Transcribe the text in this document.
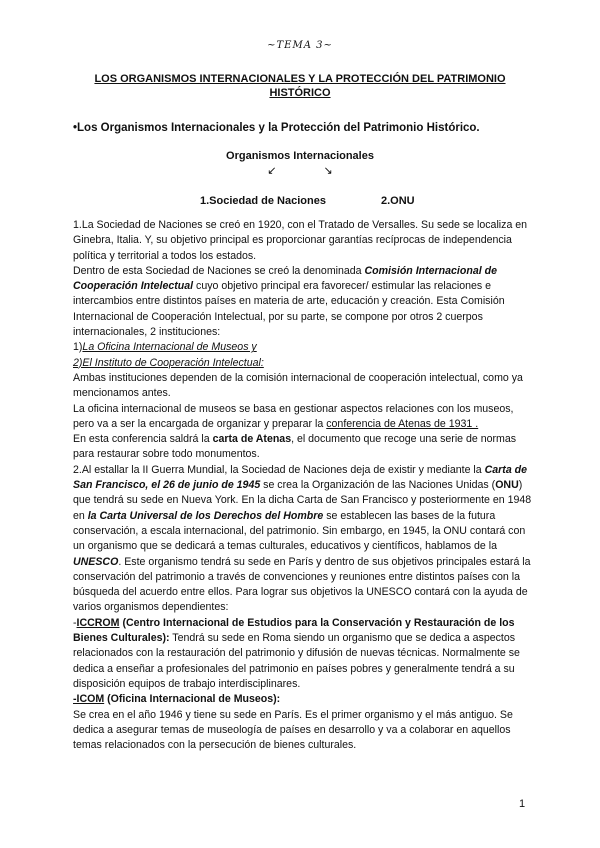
~TEMA 3~
LOS ORGANISMOS INTERNACIONALES Y LA PROTECCIÓN DEL PATRIMONIO HISTÓRICO
•Los Organismos Internacionales y la Protección del Patrimonio Histórico.
Organismos Internacionales
↙	↘
1.Sociedad de Naciones	2.ONU

1.La Sociedad de Naciones se creó en 1920, con el Tratado de Versalles. Su sede se localiza en Ginebra, Italia. Y, su objetivo principal es proporcionar garantías recíprocas de independencia política y territorial a todos los estados.

Dentro de esta Sociedad de Naciones se creó la denominada Comisión Internacional de Cooperación Intelectual cuyo objetivo principal era favorecer/ estimular las relaciones e intercambios entre distintos países en materia de arte, educación y creación. Esta Comisión Internacional de Cooperación Intelectual, por su parte, se compone por otros 2 cuerpos internacionales, 2 instituciones:

1)La Oficina Internacional de Museos y

2)El Instituto de Cooperación Intelectual:

Ambas instituciones dependen de la comisión internacional de cooperación intelectual, como ya mencionamos antes.

La oficina internacional de museos se basa en gestionar aspectos relaciones con los museos, pero va a ser la encargada de organizar y preparar la conferencia de Atenas de 1931 .

En esta conferencia saldrá la carta de Atenas, el documento que recoge una serie de normas para restaurar sobre todo monumentos.

2.Al estallar la II Guerra Mundial, la Sociedad de Naciones deja de existir y mediante la Carta de San Francisco, el 26 de junio de 1945 se crea la Organización de las Naciones Unidas (ONU) que tendrá su sede en Nueva York. En la dicha Carta de San Francisco y posteriormente en 1948 en la Carta Universal de los Derechos del Hombre se establecen las bases de la futura conservación, a escala internacional, del patrimonio. Sin embargo, en 1945, la ONU contará con un organismo que se dedicará a temas culturales, educativos y científicos, hablamos de la UNESCO. Este organismo tendrá su sede en París y dentro de sus objetivos principales estará la conservación del patrimonio a través de convenciones y reuniones entre distintos países con la búsqueda del acuerdo entre ellos. Para lograr sus objetivos la UNESCO contará con la ayuda de varios organismos dependientes:

-ICCROM (Centro Internacional de Estudios para la Conservación y Restauración de los Bienes Culturales): Tendrá su sede en Roma siendo un organismo que se dedica a aspectos relacionados con la restauración del patrimonio y difusión de nuevas técnicas. Normalmente se dedica a enseñar a profesionales del patrimonio en países pobres y generalmente tendrá a su disposición equipos de trabajo interdisciplinares.

-ICOM (Oficina Internacional de Museos):

Se crea en el año 1946 y tiene su sede en París. Es el primer organismo y el más antiguo. Se dedica a asegurar temas de museología de países en desarrollo y va a colaborar en aquellos temas relacionados con la persecución de bienes culturales.

1
